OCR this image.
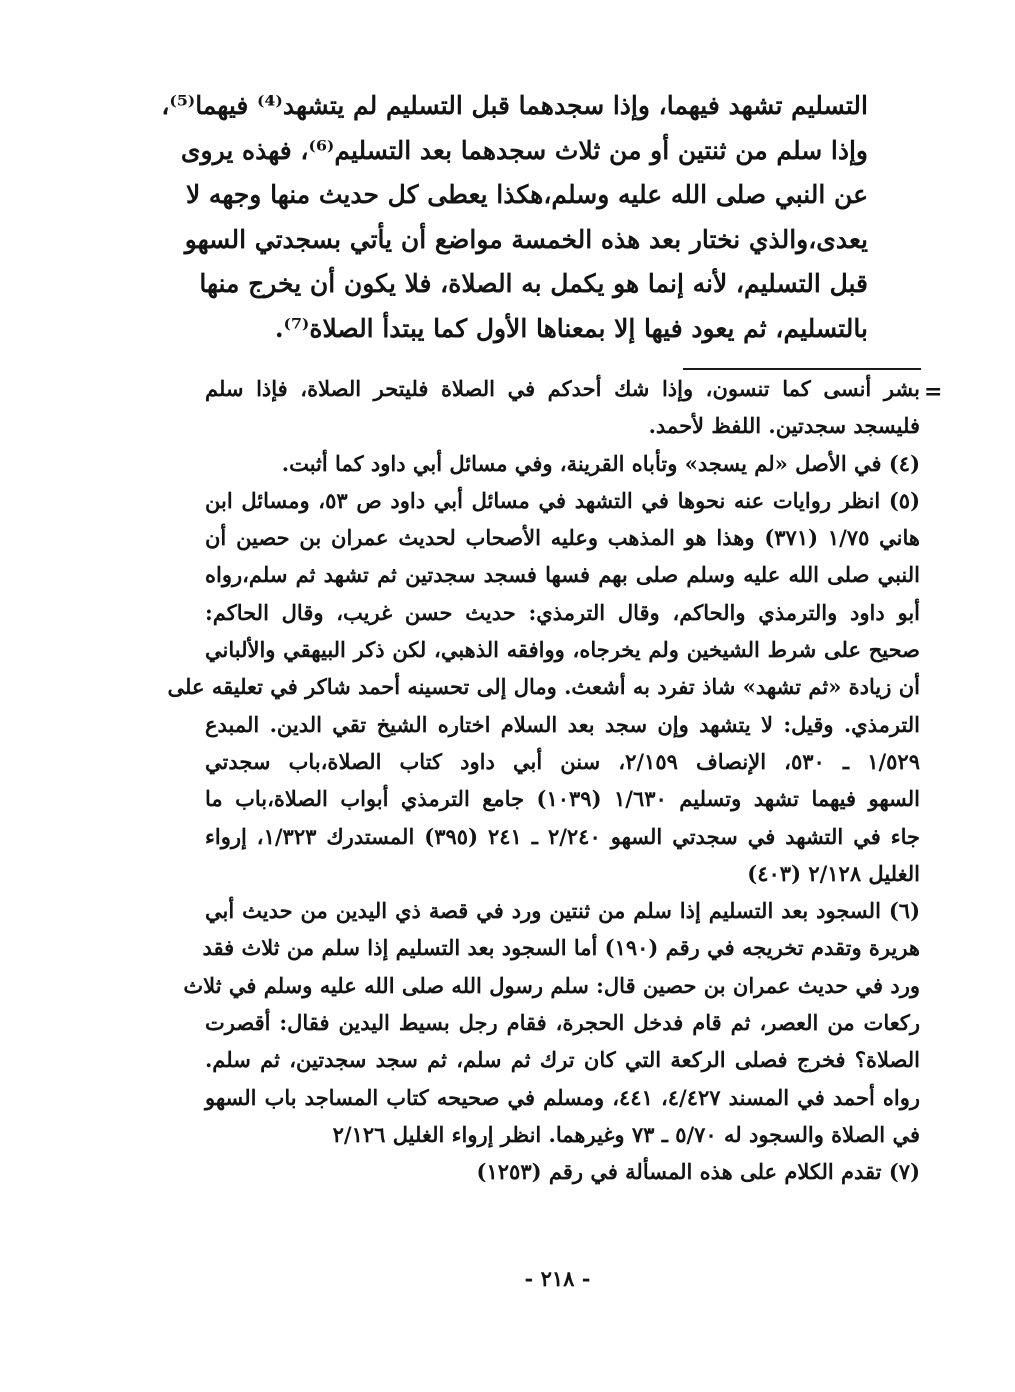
التسليم تشهد فيهما، وإذا سجدهما قبل التسليم لم يتشهد⁽⁴⁾ فيهما⁽⁵⁾،
وإذا سلم من ثنتين أو من ثلاث سجدهما بعد التسليم⁽⁶⁾، فهذه يروى
عن النبي صلى الله عليه وسلم،هكذا يعطى كل حديث منها وجهه لا
يعدى،والذي نختار بعد هذه الخمسة مواضع أن يأتي بسجدتي السهو
قبل التسليم، لأنه إنما هو يكمل به الصلاة، فلا يكون أن يخرج منها
بالتسليم، ثم يعود فيها إلا بمعناها الأول كما يبتدأ الصلاة⁽⁷⁾.
=
بشر أنسى كما تنسون، وإذا شك أحدكم في الصلاة فليتحر الصلاة، فإذا سلم
فليسجد سجدتين. اللفظ لأحمد.
(٤) في الأصل «لم يسجد» وتأباه القرينة، وفي مسائل أبي داود كما أثبت.
(٥) انظر روايات عنه نحوها في التشهد في مسائل أبي داود ص ٥٣، ومسائل ابن
هاني ١/٧٥ (٣٧١) وهذا هو المذهب وعليه الأصحاب لحديث عمران بن حصين أن
النبي صلى الله عليه وسلم صلى بهم فسها فسجد سجدتين ثم تشهد ثم سلم،رواه
أبو داود والترمذي والحاكم، وقال الترمذي: حديث حسن غريب، وقال الحاكم:
صحيح على شرط الشيخين ولم يخرجاه، ووافقه الذهبي، لكن ذكر البيهقي والألباني
أن زيادة «ثم تشهد» شاذ تفرد به أشعث. ومال إلى تحسينه أحمد شاكر في تعليقه على
الترمذي. وقيل: لا يتشهد وإن سجد بعد السلام اختاره الشيخ تقي الدين. المبدع
١/٥٢٩ ـ ٥٣٠، الإنصاف ٢/١٥٩، سنن أبي داود كتاب الصلاة،باب سجدتي
السهو فيهما تشهد وتسليم ١/٦٣٠ (١٠٣٩) جامع الترمذي أبواب الصلاة،باب ما
جاء في التشهد في سجدتي السهو ٢/٢٤٠ ـ ٢٤١ (٣٩٥) المستدرك ١/٣٢٣، إرواء
الغليل ٢/١٢٨ (٤٠٣)
(٦) السجود بعد التسليم إذا سلم من ثنتين ورد في قصة ذي اليدين من حديث أبي
هريرة وتقدم تخريجه في رقم (١٩٠) أما السجود بعد التسليم إذا سلم من ثلاث فقد
ورد في حديث عمران بن حصين قال: سلم رسول الله صلى الله عليه وسلم في ثلاث
ركعات من العصر، ثم قام فدخل الحجرة، فقام رجل بسيط اليدين فقال: أقصرت
الصلاة؟ فخرج فصلى الركعة التي كان ترك ثم سلم، ثم سجد سجدتين، ثم سلم.
رواه أحمد في المسند ٤/٤٢٧، ٤٤١، ومسلم في صحيحه كتاب المساجد باب السهو
في الصلاة والسجود له ٥/٧٠ ـ ٧٣ وغيرهما. انظر إرواء الغليل ٢/١٢٦
(٧) تقدم الكلام على هذه المسألة في رقم (١٢٥٣)
- ٢١٨ -
